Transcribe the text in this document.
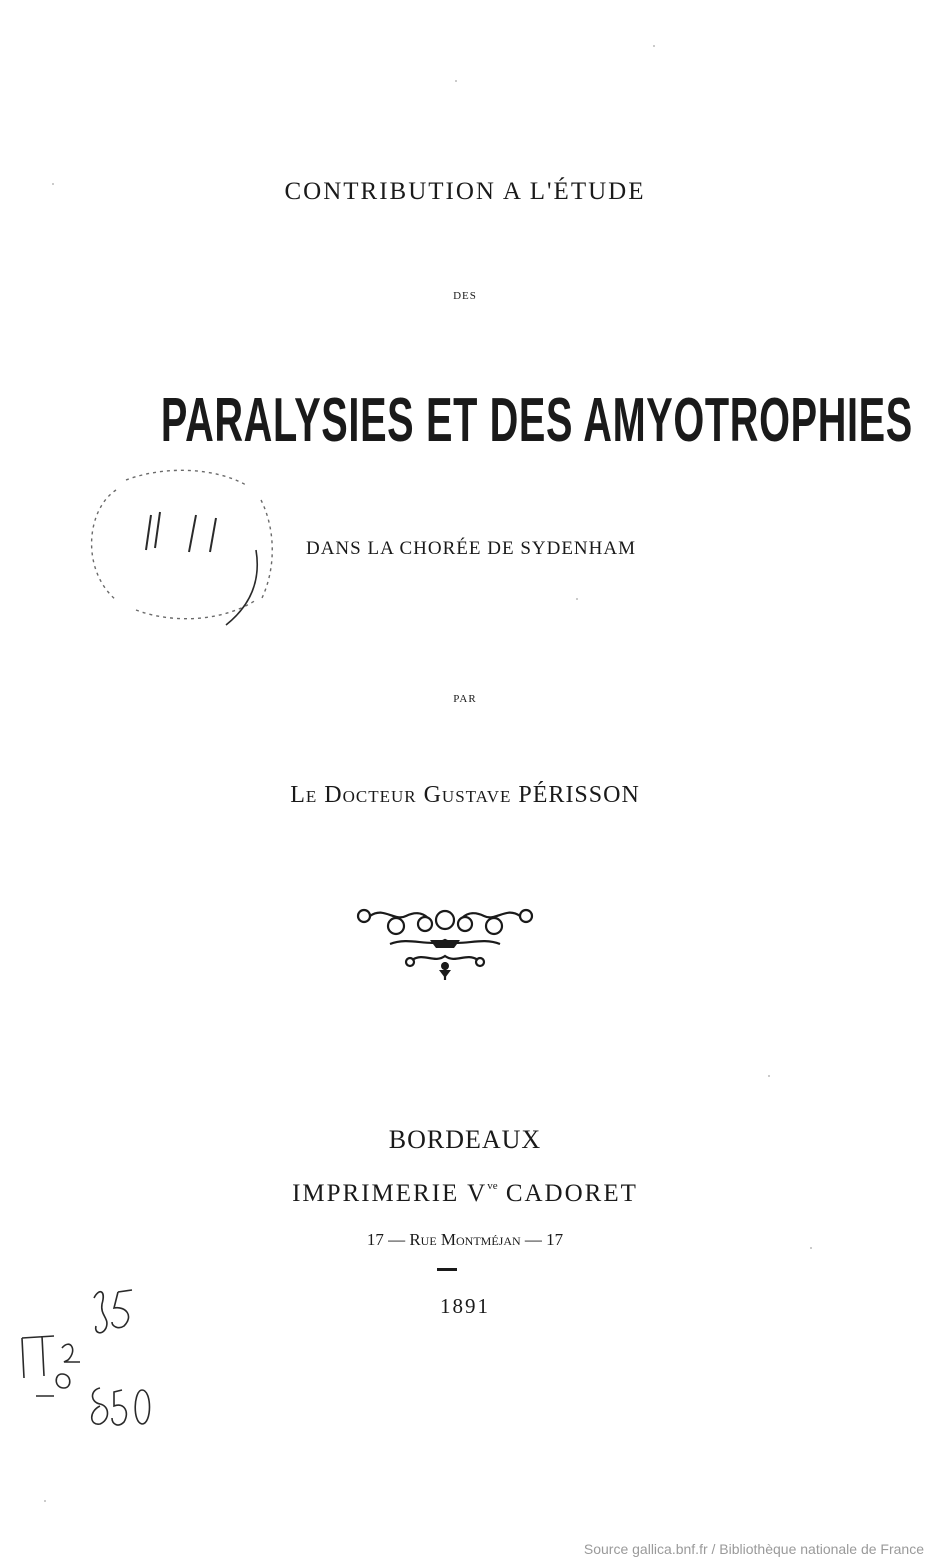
CONTRIBUTION A L'ÉTUDE
DES
PARALYSIES ET DES AMYOTROPHIES
DANS LA CHORÉE DE SYDENHAM
PAR
Le Docteur Gustave PÉRISSON
BORDEAUX
IMPRIMERIE $V^{ve}$ CADORET
17 — Rue Montméjan — 17
1891
Source gallica.bnf.fr / Bibliothèque nationale de France
